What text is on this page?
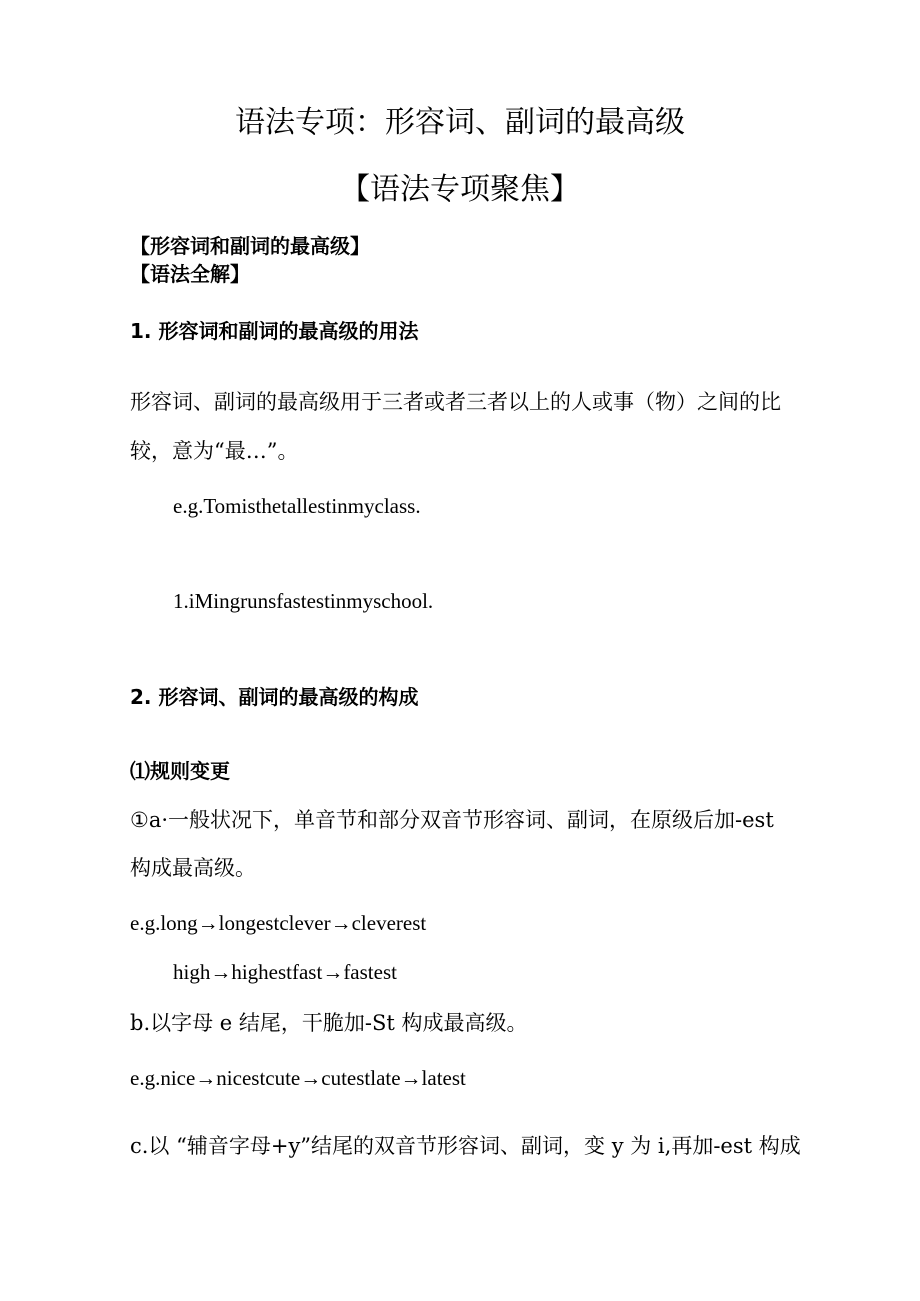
语法专项：形容词、副词的最高级
【语法专项聚焦】
【形容词和副词的最高级】
【语法全解】
1. 形容词和副词的最高级的用法
形容词、副词的最高级用于三者或者三者以上的人或事（物）之间的比
较，意为“最…”。
e.g.Tomisthetallestinmyclass.
1.iMingrunsfastestinmyschool.
2. 形容词、副词的最高级的构成
⑴规则变更
①a·一般状况下，单音节和部分双音节形容词、副词，在原级后加-est
构成最高级。
e.g.long→longestclever→cleverest
high→highestfast→fastest
b.以字母 e 结尾，干脆加-St 构成最高级。
e.g.nice→nicestcute→cutestlate→latest
c.以 “辅音字母+y”结尾的双音节形容词、副词，变 y 为 i,再加-est 构成
